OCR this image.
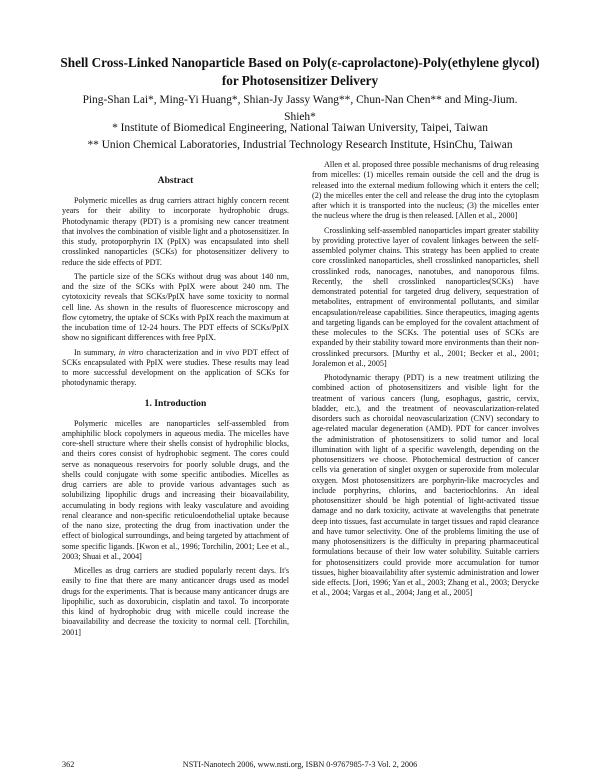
Shell Cross-Linked Nanoparticle Based on Poly(ε-caprolactone)-Poly(ethylene glycol) for Photosensitizer Delivery
Ping-Shan Lai*, Ming-Yi Huang*, Shian-Jy Jassy Wang**, Chun-Nan Chen** and Ming-Jium. Shieh*
* Institute of Biomedical Engineering, National Taiwan University, Taipei, Taiwan
** Union Chemical Laboratories, Industrial Technology Research Institute, HsinChu, Taiwan
Abstract
Polymeric micelles as drug carriers attract highly concern recent years for their ability to incorporate hydrophobic drugs. Photodynamic therapy (PDT) is a promising new cancer treatment that involves the combination of visible light and a photosensitizer. In this study, protoporphyrin IX (PpIX) was encapsulated into shell crosslinked nanoparticles (SCKs) for photosensitizer delivery to reduce the side effects of PDT.
The particle size of the SCKs without drug was about 140 nm, and the size of the SCKs with PpIX were about 240 nm. The cytotoxicity reveals that SCKs/PpIX have some toxicity to normal cell line. As shown in the results of fluorescence microscopy and flow cytometry, the uptake of SCKs with PpIX reach the maximum at the incubation time of 12-24 hours. The PDT effects of SCKs/PpIX show no significant differences with free PpIX.
In summary, in vitro characterization and in vivo PDT effect of SCKs encapsulated with PpIX were studies. These results may lead to more successful development on the application of SCKs for photodynamic therapy.
1. Introduction
Polymeric micelles are nanoparticles self-assembled from amphiphilic block copolymers in aqueous media. The micelles have core-shell structure where their shells consist of hydrophilic blocks, and theirs cores consist of hydrophobic segment. The cores could serve as nonaqueous reservoirs for poorly soluble drugs, and the shells could conjugate with some specific antibodies. Micelles as drug carriers are able to provide various advantages such as solubilizing lipophilic drugs and increasing their bioavailability, accumulating in body regions with leaky vasculature and avoiding renal clearance and non-specific reticuloendothelial uptake because of the nano size, protecting the drug from inactivation under the effect of biological surroundings, and being targeted by attachment of some specific ligands. [Kwon et al., 1996; Torchilin, 2001; Lee et al., 2003; Shuai et al., 2004]
Micelles as drug carriers are studied popularly recent days. It's easily to fine that there are many anticancer drugs used as model drugs for the experiments. That is because many anticancer drugs are lipophilic, such as doxorubicin, cisplatin and taxol. To incorporate this kind of hydrophobic drug with micelle could increase the bioavailability and decrease the toxicity to normal cell. [Torchilin, 2001]
Allen et al. proposed three possible mechanisms of drug releasing from micelles: (1) micelles remain outside the cell and the drug is released into the external medium following which it enters the cell; (2) the micelles enter the cell and release the drug into the cytoplasm after which it is transported into the nucleus; (3) the micelles enter the nucleus where the drug is then released. [Allen et al., 2000]
Crosslinking self-assembled nanoparticles impart greater stability by providing protective layer of covalent linkages between the self-assembled polymer chains. This strategy has been applied to create core crosslinked nanoparticles, shell crosslinked nanoparticles, shell crosslinked rods, nanocages, nanotubes, and nanoporous films. Recently, the shell crosslinked nanoparticles(SCKs) have demonstrated potential for targeted drug delivery, sequestration of metabolites, entrapment of environmental pollutants, and similar encapsulation/release capabilities. Since therapeutics, imaging agents and targeting ligands can be employed for the covalent attachment of these molecules to the SCKs. The potential uses of SCKs are expanded by their stability toward more environments than their non-crosslinked precursors. [Murthy et al., 2001; Becker et al., 2001; Joralemon et al., 2005]
Photodynamic therapy (PDT) is a new treatment utilizing the combined action of photosensitizers and visible light for the treatment of various cancers (lung, esophagus, gastric, cervix, bladder, etc.), and the treatment of neovascularization-related disorders such as choroidal neovascularization (CNV) secondary to age-related macular degeneration (AMD). PDT for cancer involves the administration of photosensitizers to solid tumor and local illumination with light of a specific wavelength, depending on the photosensitizers we choose. Photochemical destruction of cancer cells via generation of singlet oxygen or superoxide from molecular oxygen. Most photosensitizers are porphyrin-like macrocycles and include porphyrins, chlorins, and bacteriochlorins. An ideal photosensitizer should be high potential of light-activated tissue damage and no dark toxicity, activate at wavelengths that penetrate deep into tissues, fast accumulate in target tissues and rapid clearance and have tumor selectivity. One of the problems limiting the use of many photosensitizers is the difficulty in preparing pharmaceutical formulations because of their low water solubility. Suitable carriers for photosensitizers could provide more accumulation for tumor tissues, higher bioavailability after systemic administration and lower side effects. [Jori, 1996; Yan et al., 2003; Zhang et al., 2003; Derycke et al., 2004; Vargas et al., 2004; Jang et al., 2005]
362	NSTI-Nanotech 2006, www.nsti.org, ISBN 0-9767985-7-3 Vol. 2, 2006
